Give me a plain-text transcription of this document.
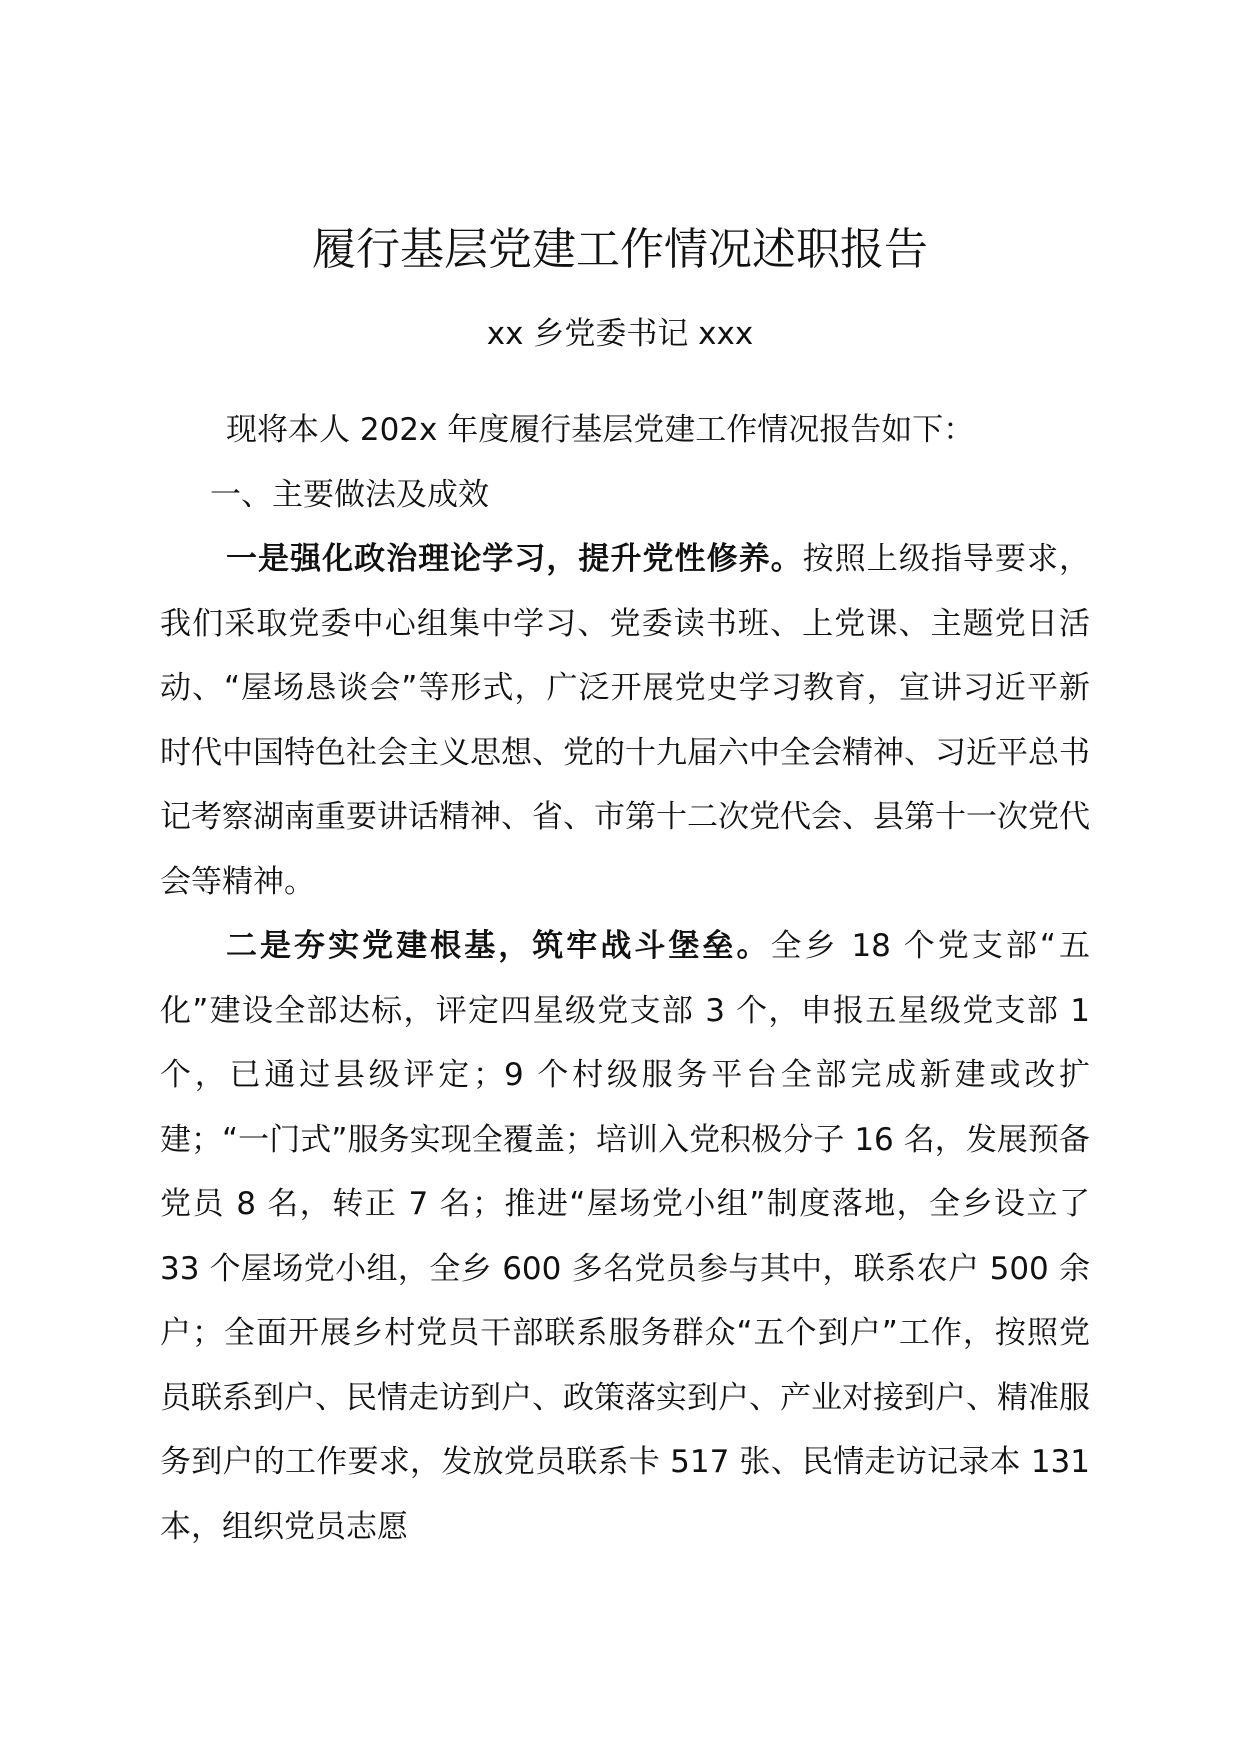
履行基层党建工作情况述职报告
xx 乡党委书记 xxx

现将本人 202x 年度履行基层党建工作情况报告如下：

一、主要做法及成效

一是强化政治理论学习，提升党性修养。按照上级指导要求，我们采取党委中心组集中学习、党委读书班、上党课、主题党日活动、“屋场恳谈会”等形式，广泛开展党史学习教育，宣讲习近平新时代中国特色社会主义思想、党的十九届六中全会精神、习近平总书记考察湖南重要讲话精神、省、市第十二次党代会、县第十一次党代会等精神。

二是夯实党建根基，筑牢战斗堡垒。全乡 18 个党支部“五化”建设全部达标，评定四星级党支部 3 个，申报五星级党支部 1 个，已通过县级评定；9 个村级服务平台全部完成新建或改扩建；“一门式”服务实现全覆盖；培训入党积极分子 16 名，发展预备党员 8 名，转正 7 名；推进“屋场党小组”制度落地，全乡设立了 33 个屋场党小组，全乡 600 多名党员参与其中，联系农户 500 余户；全面开展乡村党员干部联系服务群众“五个到户”工作，按照党员联系到户、民情走访到户、政策落实到户、产业对接到户、精准服务到户的工作要求，发放党员联系卡 517 张、民情走访记录本 131 本，组织党员志愿
